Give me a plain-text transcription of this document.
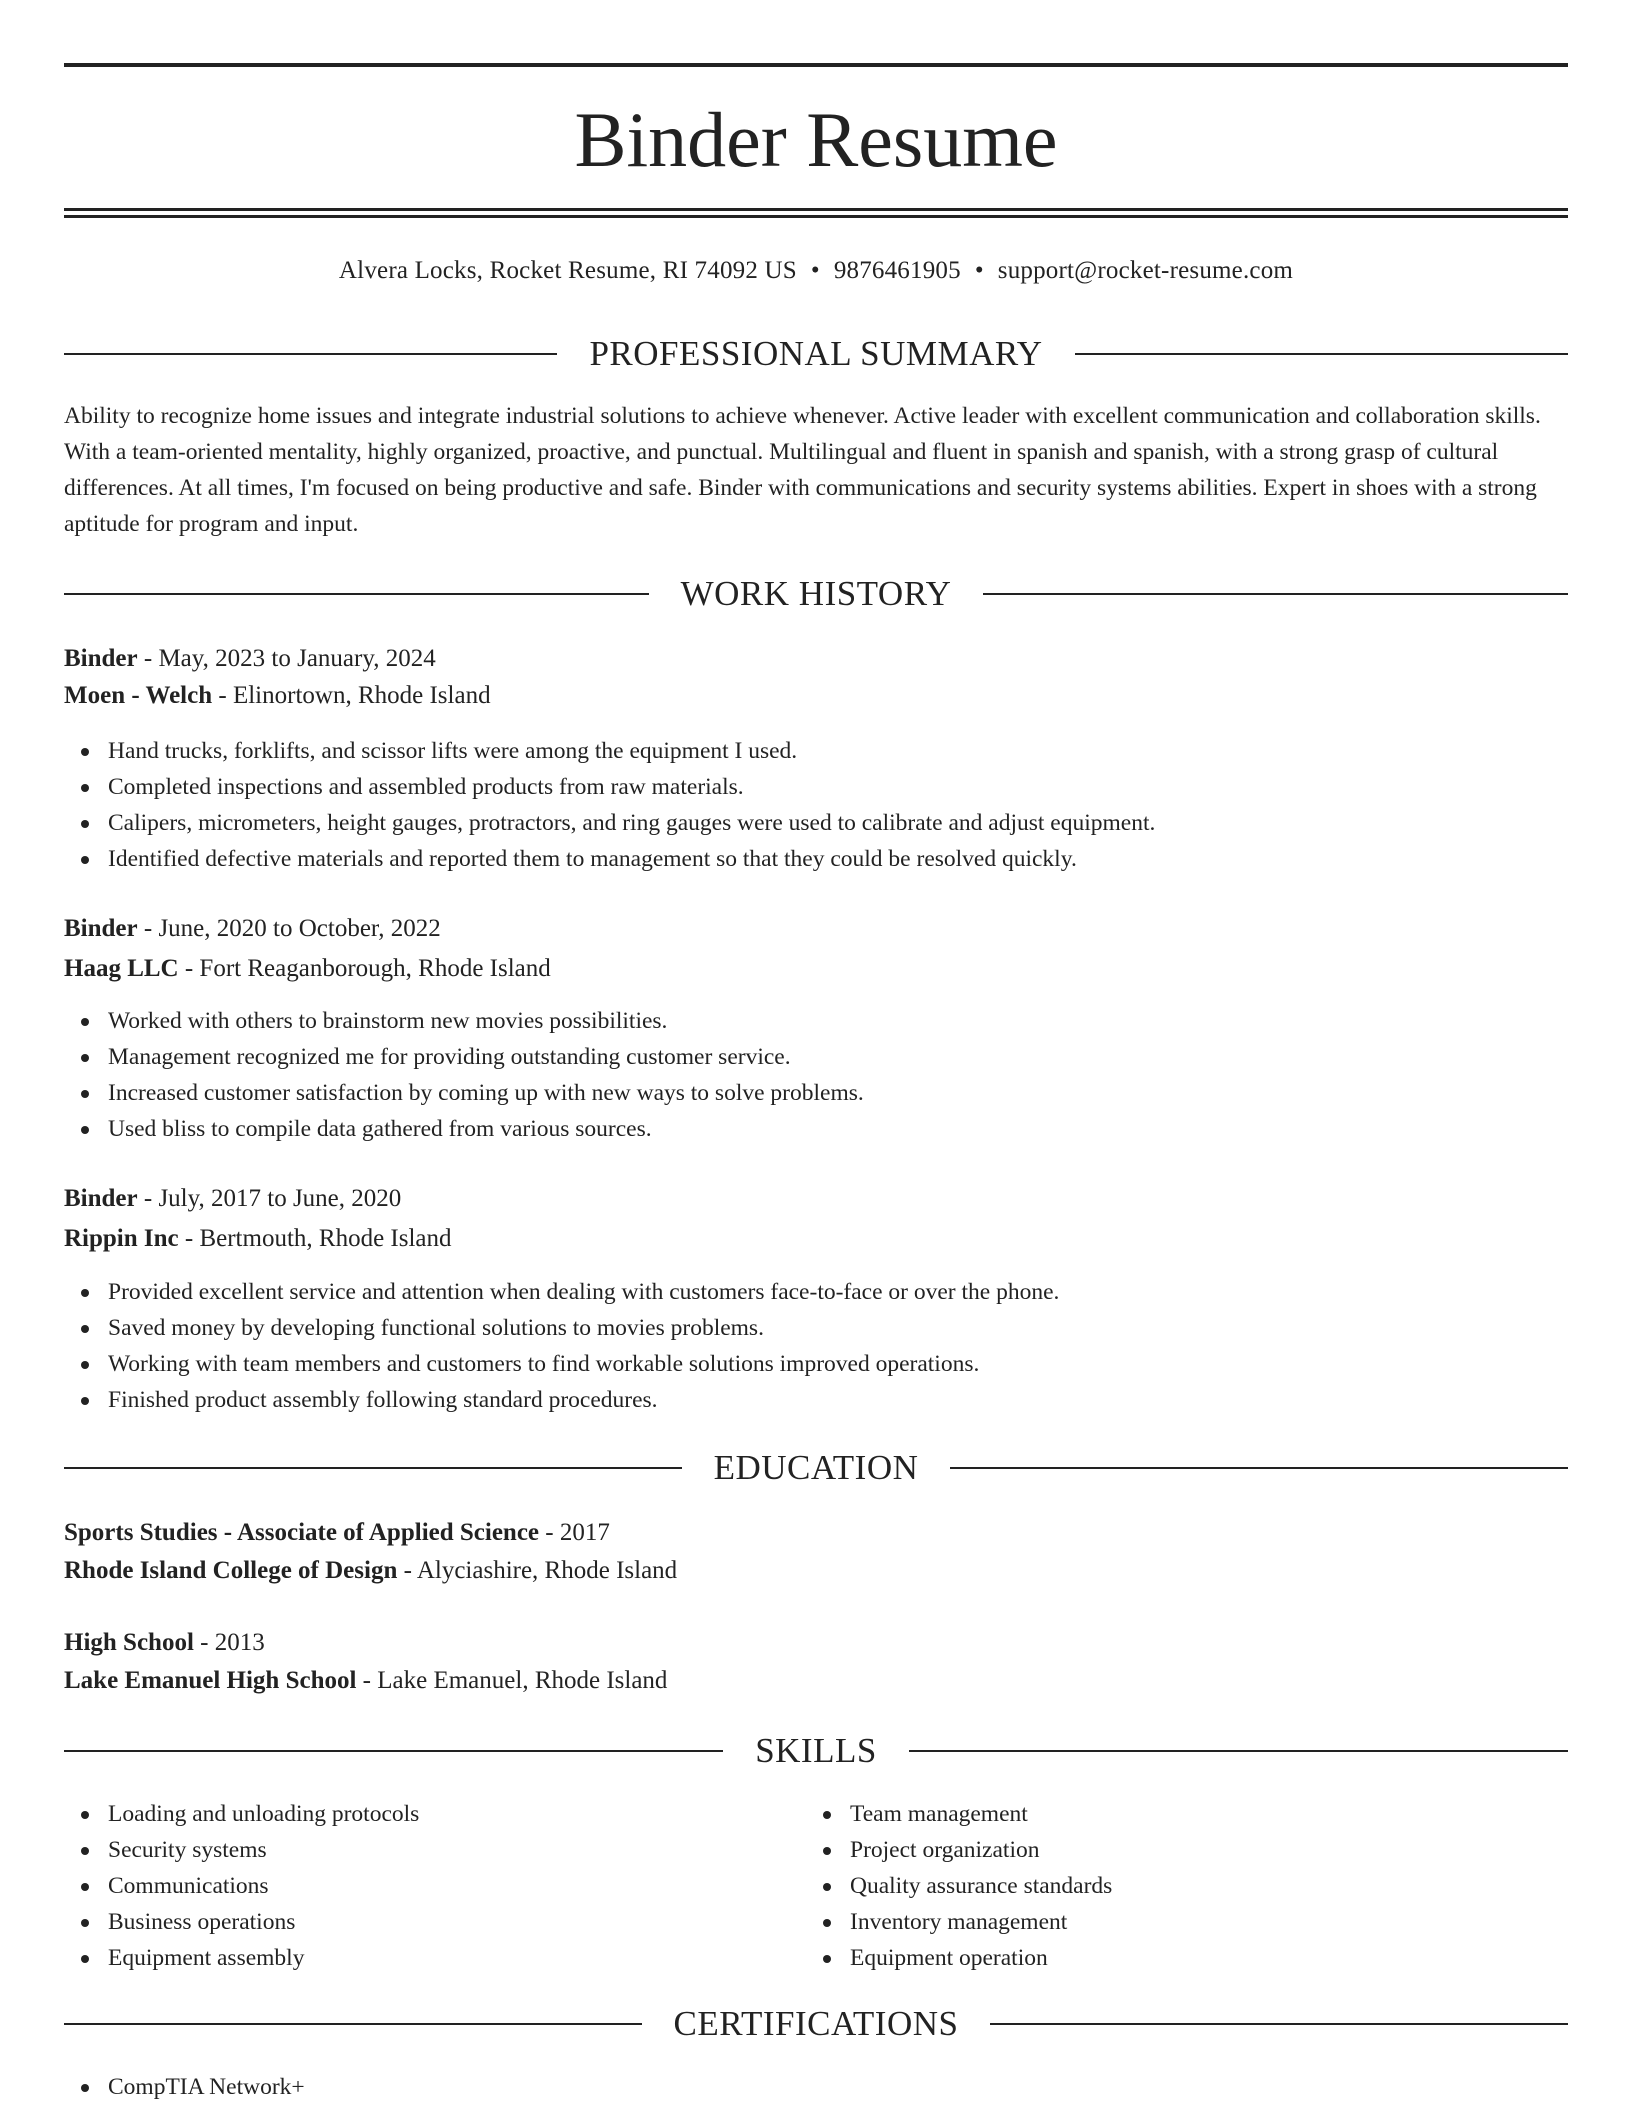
Binder Resume
Alvera Locks, Rocket Resume, RI 74092 US • 9876461905 • support@rocket-resume.com
PROFESSIONAL SUMMARY

Ability to recognize home issues and integrate industrial solutions to achieve whenever. Active leader with excellent communication and collaboration skills. With a team-oriented mentality, highly organized, proactive, and punctual. Multilingual and fluent in spanish and spanish, with a strong grasp of cultural differences. At all times, I'm focused on being productive and safe. Binder with communications and security systems abilities. Expert in shoes with a strong aptitude for program and input.

WORK HISTORY
Binder - May, 2023 to January, 2024
Moen - Welch - Elinortown, Rhode Island
Hand trucks, forklifts, and scissor lifts were among the equipment I used.
Completed inspections and assembled products from raw materials.
Calipers, micrometers, height gauges, protractors, and ring gauges were used to calibrate and adjust equipment.
Identified defective materials and reported them to management so that they could be resolved quickly.
Binder - June, 2020 to October, 2022
Haag LLC - Fort Reaganborough, Rhode Island
Worked with others to brainstorm new movies possibilities.
Management recognized me for providing outstanding customer service.
Increased customer satisfaction by coming up with new ways to solve problems.
Used bliss to compile data gathered from various sources.
Binder - July, 2017 to June, 2020
Rippin Inc - Bertmouth, Rhode Island
Provided excellent service and attention when dealing with customers face-to-face or over the phone.
Saved money by developing functional solutions to movies problems.
Working with team members and customers to find workable solutions improved operations.
Finished product assembly following standard procedures.
EDUCATION
Sports Studies - Associate of Applied Science - 2017
Rhode Island College of Design - Alyciashire, Rhode Island
High School - 2013
Lake Emanuel High School - Lake Emanuel, Rhode Island
SKILLS
Loading and unloading protocols
Security systems
Communications
Business operations
Equipment assembly
Team management
Project organization
Quality assurance standards
Inventory management
Equipment operation
CERTIFICATIONS
CompTIA Network+
